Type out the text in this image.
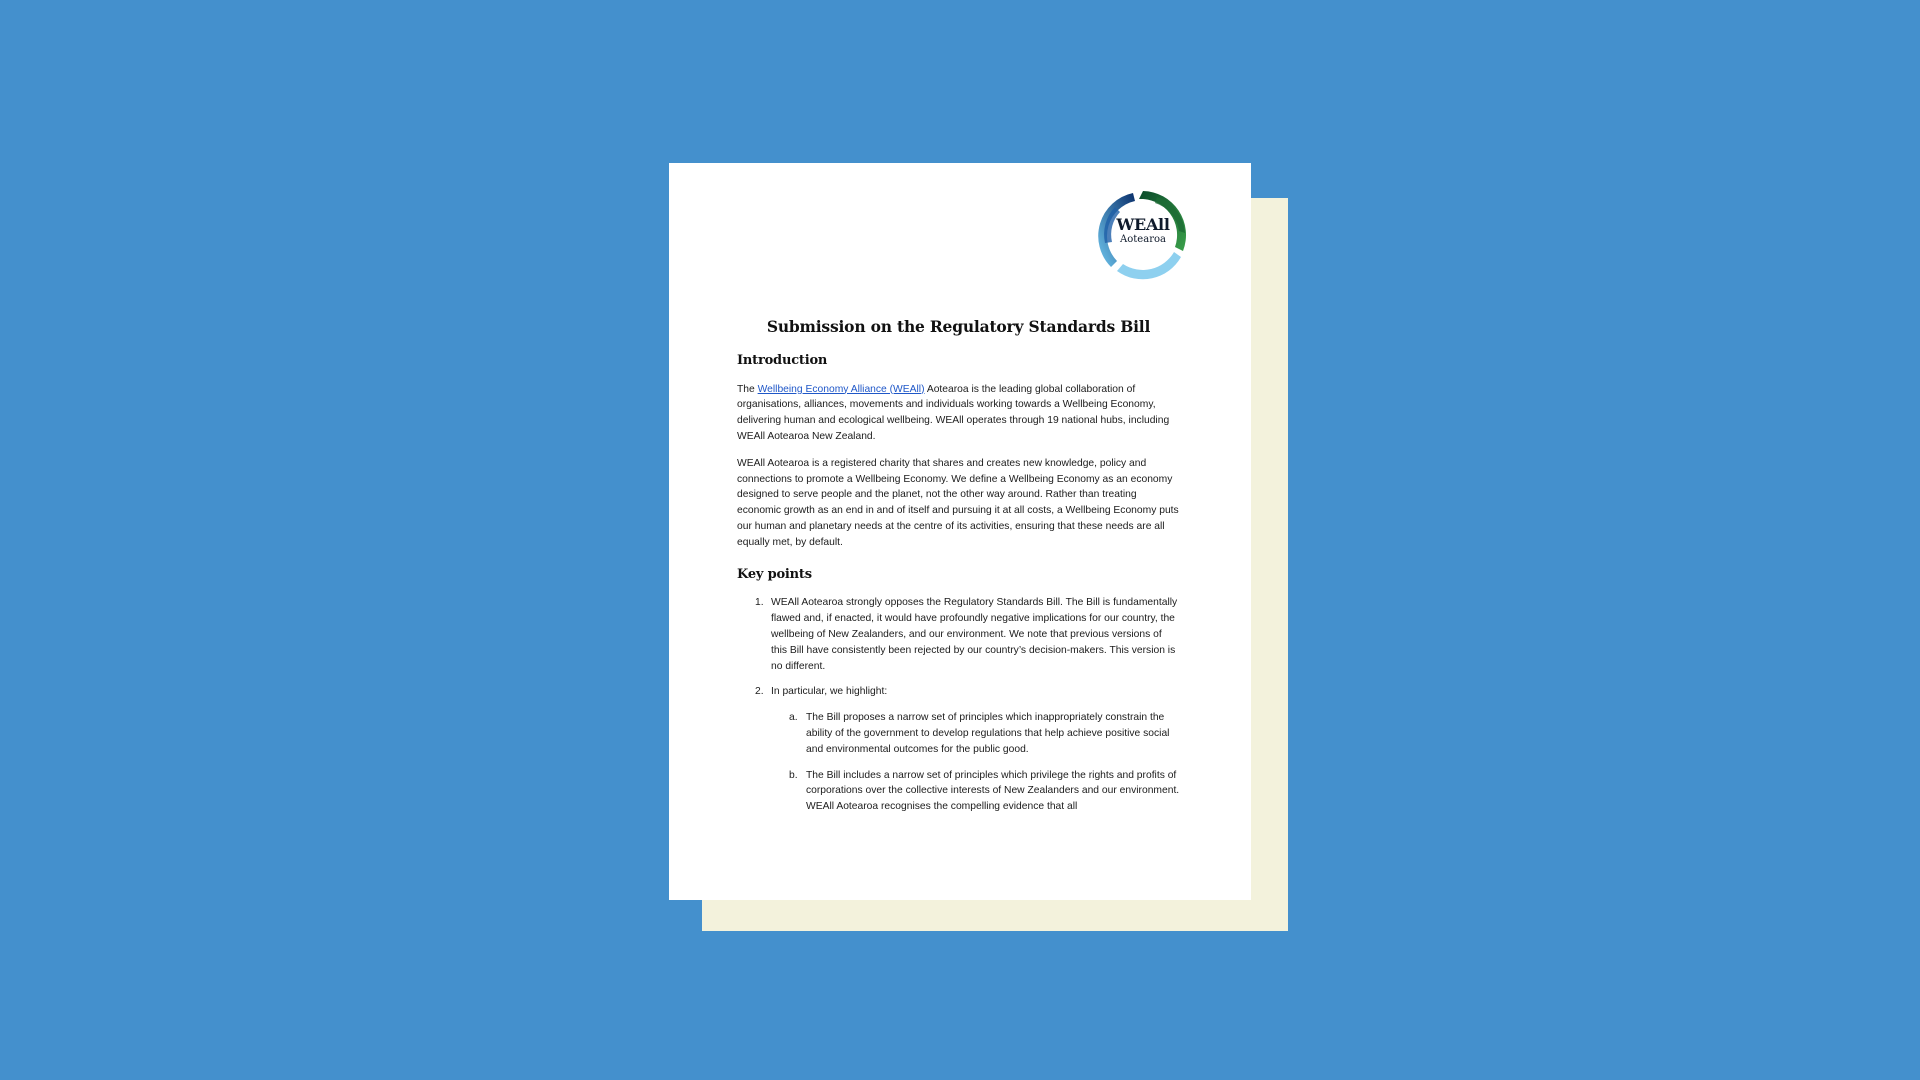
WEAll
Aotearoa
Submission on the Regulatory Standards Bill
Introduction

The Wellbeing Economy Alliance (WEAll) Aotearoa is the leading global collaboration of organisations, alliances, movements and individuals working towards a Wellbeing Economy, delivering human and ecological wellbeing. WEAll operates through 19 national hubs, including WEAll Aotearoa New Zealand.

WEAll Aotearoa is a registered charity that shares and creates new knowledge, policy and connections to promote a Wellbeing Economy. We define a Wellbeing Economy as an economy designed to serve people and the planet, not the other way around. Rather than treating economic growth as an end in and of itself and pursuing it at all costs, a Wellbeing Economy puts our human and planetary needs at the centre of its activities, ensuring that these needs are all equally met, by default.

Key points
1. WEAll Aotearoa strongly opposes the Regulatory Standards Bill. The Bill is fundamentally flawed and, if enacted, it would have profoundly negative implications for our country, the wellbeing of New Zealanders, and our environment. We note that previous versions of this Bill have consistently been rejected by our country’s decision-makers. This version is no different.
2. In particular, we highlight:
a. The Bill proposes a narrow set of principles which inappropriately constrain the ability of the government to develop regulations that help achieve positive social and environmental outcomes for the public good.
b. The Bill includes a narrow set of principles which privilege the rights and profits of corporations over the collective interests of New Zealanders and our environment. WEAll Aotearoa recognises the compelling evidence that all
